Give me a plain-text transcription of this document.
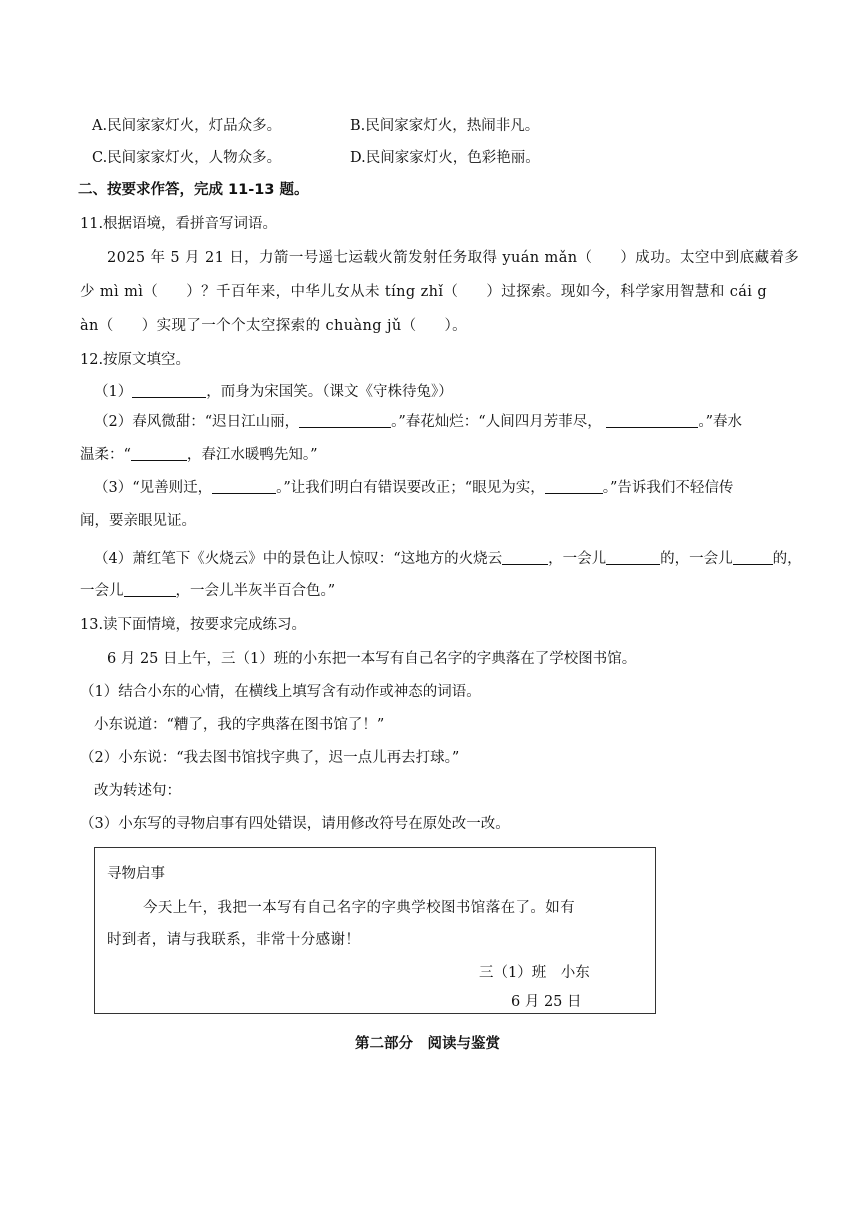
A.民间家家灯火，灯品众多。	B.民间家家灯火，热闹非凡。
C.民间家家灯火，人物众多。	D.民间家家灯火，色彩艳丽。
二、按要求作答，完成 11-13 题。
11.根据语境，看拼音写词语。
2025 年 5 月 21 日，力箭一号遥七运载火箭发射任务取得 yuán mǎn（ ）成功。太空中到底藏着多
少 mì mì（ ）？千百年来，中华儿女从未 tíng zhǐ（ ）过探索。现如今，科学家用智慧和 cái g
àn（ ）实现了一个个太空探索的 chuàng jǔ（ ）。
12.按原文填空。
（1）	，而身为宋国笑。（课文《守株待兔》）
（2）春风微甜：“迟日江山丽，	。”春花灿烂：“人间四月芳菲尽，	。”春水
温柔：“	，春江水暖鸭先知。”
（3）“见善则迁，	。”让我们明白有错误要改正；“眼见为实，	。”告诉我们不轻信传
闻，要亲眼见证。
（4）萧红笔下《火烧云》中的景色让人惊叹：“这地方的火烧云	，一会儿	的，一会儿	的，
一会儿	，一会儿半灰半百合色。”
13.读下面情境，按要求完成练习。
6 月 25 日上午，三（1）班的小东把一本写有自己名字的字典落在了学校图书馆。
（1）结合小东的心情，在横线上填写含有动作或神态的词语。
小东说道：“糟了，我的字典落在图书馆了！”
（2）小东说：“我去图书馆找字典了，迟一点儿再去打球。”
改为转述句：
（3）小东写的寻物启事有四处错误，请用修改符号在原处改一改。
寻物启事
今天上午，我把一本写有自己名字的字典学校图书馆落在了。如有
时到者，请与我联系，非常十分感谢！
三（1）班　小东
6 月 25 日
第二部分　阅读与鉴赏
